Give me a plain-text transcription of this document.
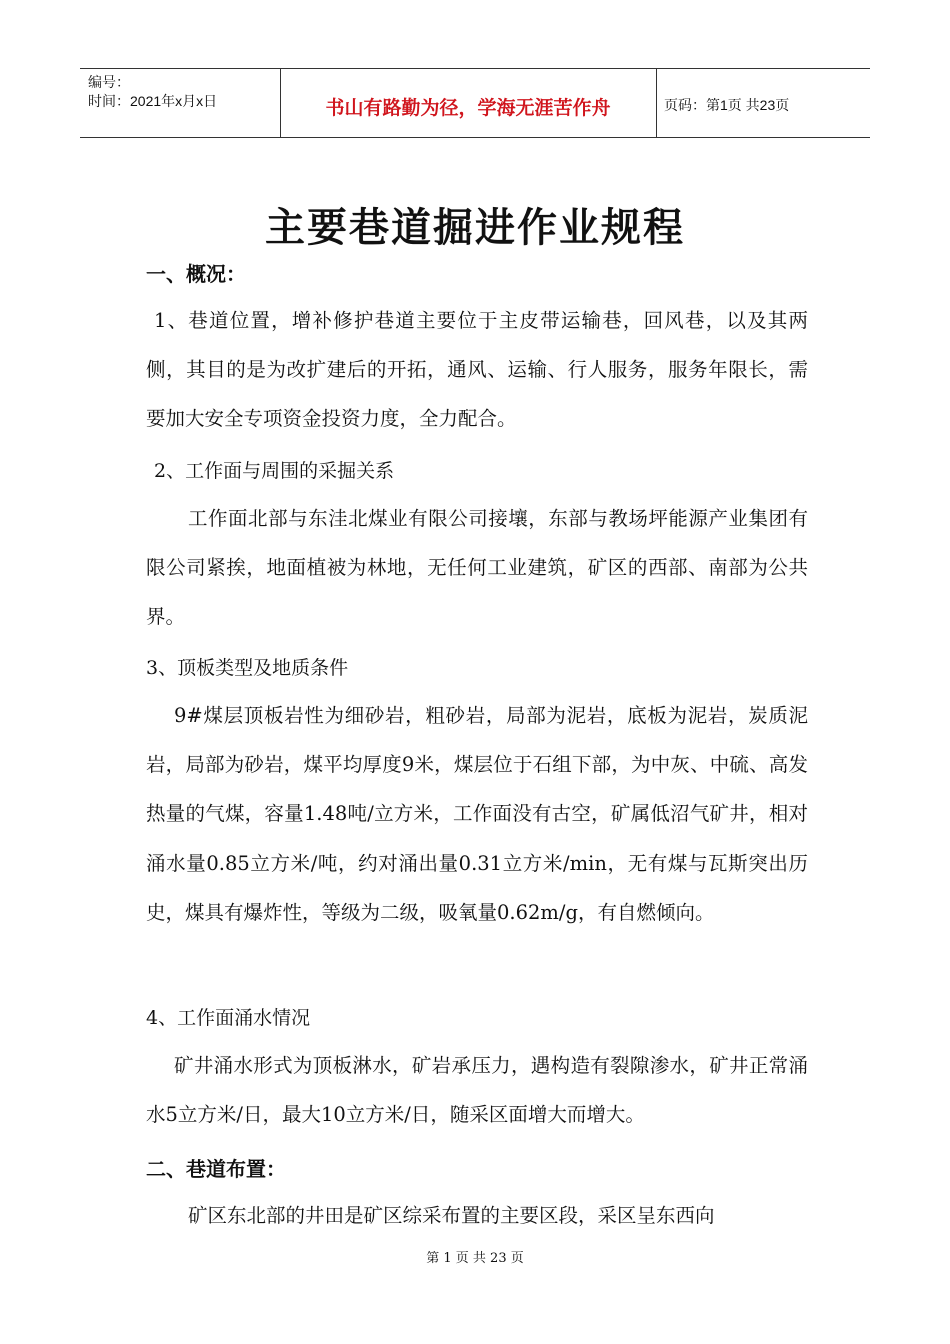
编号：
时间：2021年x月x日	书山有路勤为径，学海无涯苦作舟	页码：第1页 共23页
主要巷道掘进作业规程
一、概况：

1、巷道位置，增补修护巷道主要位于主皮带运输巷，回风巷，以及其两侧，其目的是为改扩建后的开拓，通风、运输、行人服务，服务年限长，需要加大安全专项资金投资力度，全力配合。

2、工作面与周围的采掘关系

工作面北部与东洼北煤业有限公司接壤，东部与教场坪能源产业集团有限公司紧挨，地面植被为林地，无任何工业建筑，矿区的西部、南部为公共界。

3、顶板类型及地质条件

9#煤层顶板岩性为细砂岩，粗砂岩，局部为泥岩，底板为泥岩，炭质泥岩，局部为砂岩，煤平均厚度9米，煤层位于石组下部，为中灰、中硫、高发热量的气煤，容量1.48吨/立方米，工作面没有古空，矿属低沼气矿井，相对涌水量0.85立方米/吨，约对涌出量0.31立方米/min，无有煤与瓦斯突出历史，煤具有爆炸性，等级为二级，吸氧量0.62m/g，有自燃倾向。

4、工作面涌水情况

矿井涌水形式为顶板淋水，矿岩承压力，遇构造有裂隙渗水，矿井正常涌水5立方米/日，最大10立方米/日，随采区面增大而增大。

二、巷道布置：

矿区东北部的井田是矿区综采布置的主要区段，采区呈东西向

第 1 页 共 23 页
